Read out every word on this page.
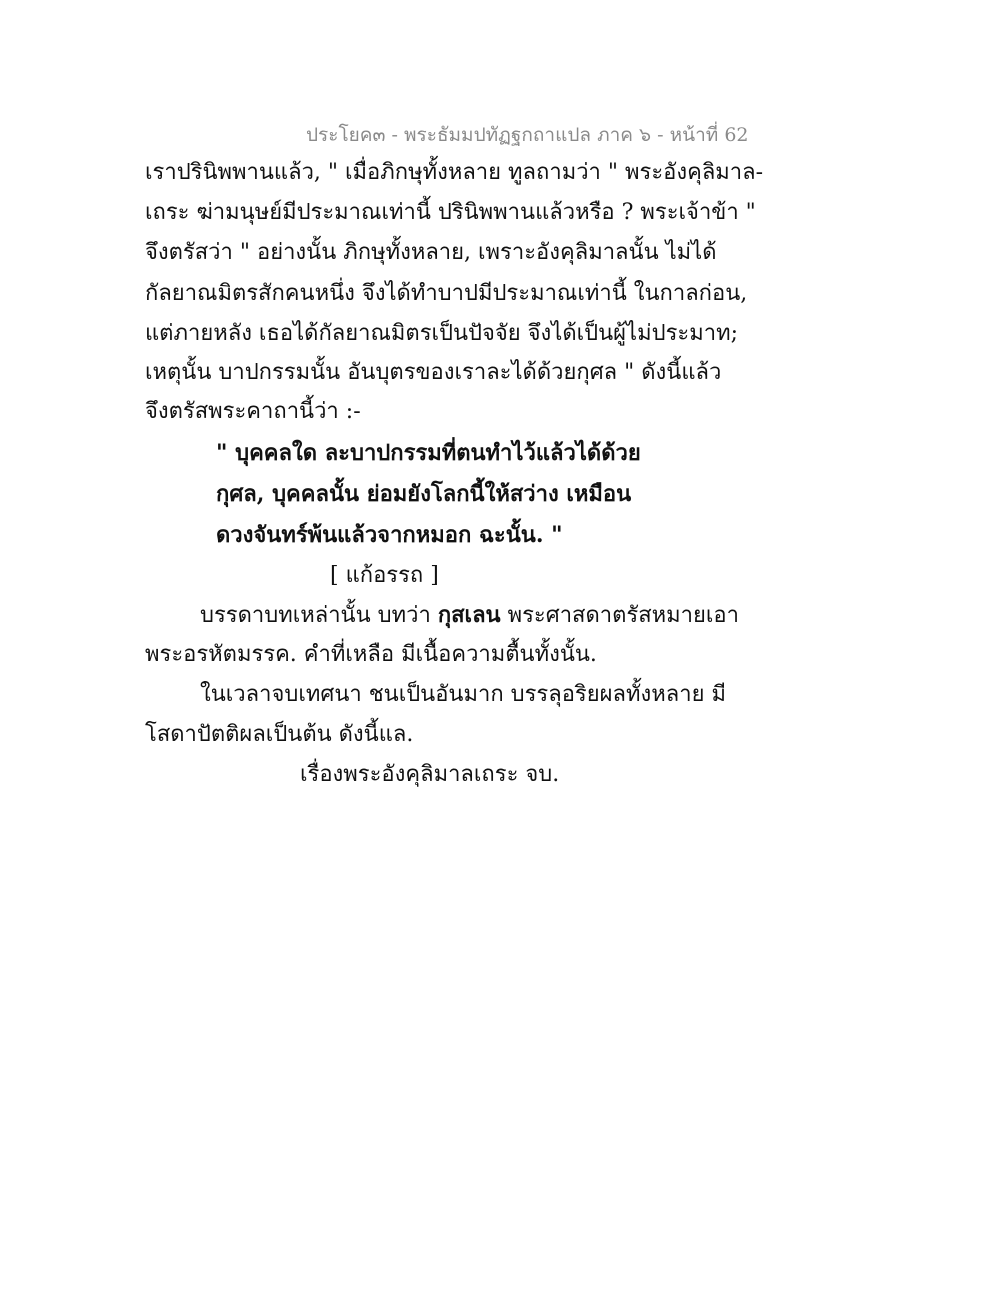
ประโยค๓ - พระธัมมปทัฏฐกถาแปล ภาค ๖ - หน้าที่ 62
เราปรินิพพานแล้ว, " เมื่อภิกษุทั้งหลาย ทูลถามว่า " พระอังคุลิมาล-
เถระ ฆ่ามนุษย์มีประมาณเท่านี้ ปรินิพพานแล้วหรือ ? พระเจ้าข้า "
จึงตรัสว่า " อย่างนั้น ภิกษุทั้งหลาย, เพราะอังคุลิมาลนั้น ไม่ได้
กัลยาณมิตรสักคนหนึ่ง จึงได้ทำบาปมีประมาณเท่านี้ ในกาลก่อน,
แต่ภายหลัง เธอได้กัลยาณมิตรเป็นปัจจัย จึงได้เป็นผู้ไม่ประมาท;
เหตุนั้น บาปกรรมนั้น อันบุตรของเราละได้ด้วยกุศล " ดังนี้แล้ว
จึงตรัสพระคาถานี้ว่า :-
" บุคคลใด ละบาปกรรมที่ตนทำไว้แล้วได้ด้วย
กุศล, บุคคลนั้น ย่อมยังโลกนี้ให้สว่าง เหมือน
ดวงจันทร์พ้นแล้วจากหมอก ฉะนั้น. "
[ แก้อรรถ ]
บรรดาบทเหล่านั้น บทว่า กุสเลน พระศาสดาตรัสหมายเอา
พระอรหัตมรรค. คำที่เหลือ มีเนื้อความตื้นทั้งนั้น.
ในเวลาจบเทศนา ชนเป็นอันมาก บรรลุอริยผลทั้งหลาย มี
โสดาปัตติผลเป็นต้น ดังนี้แล.
เรื่องพระอังคุลิมาลเถระ จบ.
